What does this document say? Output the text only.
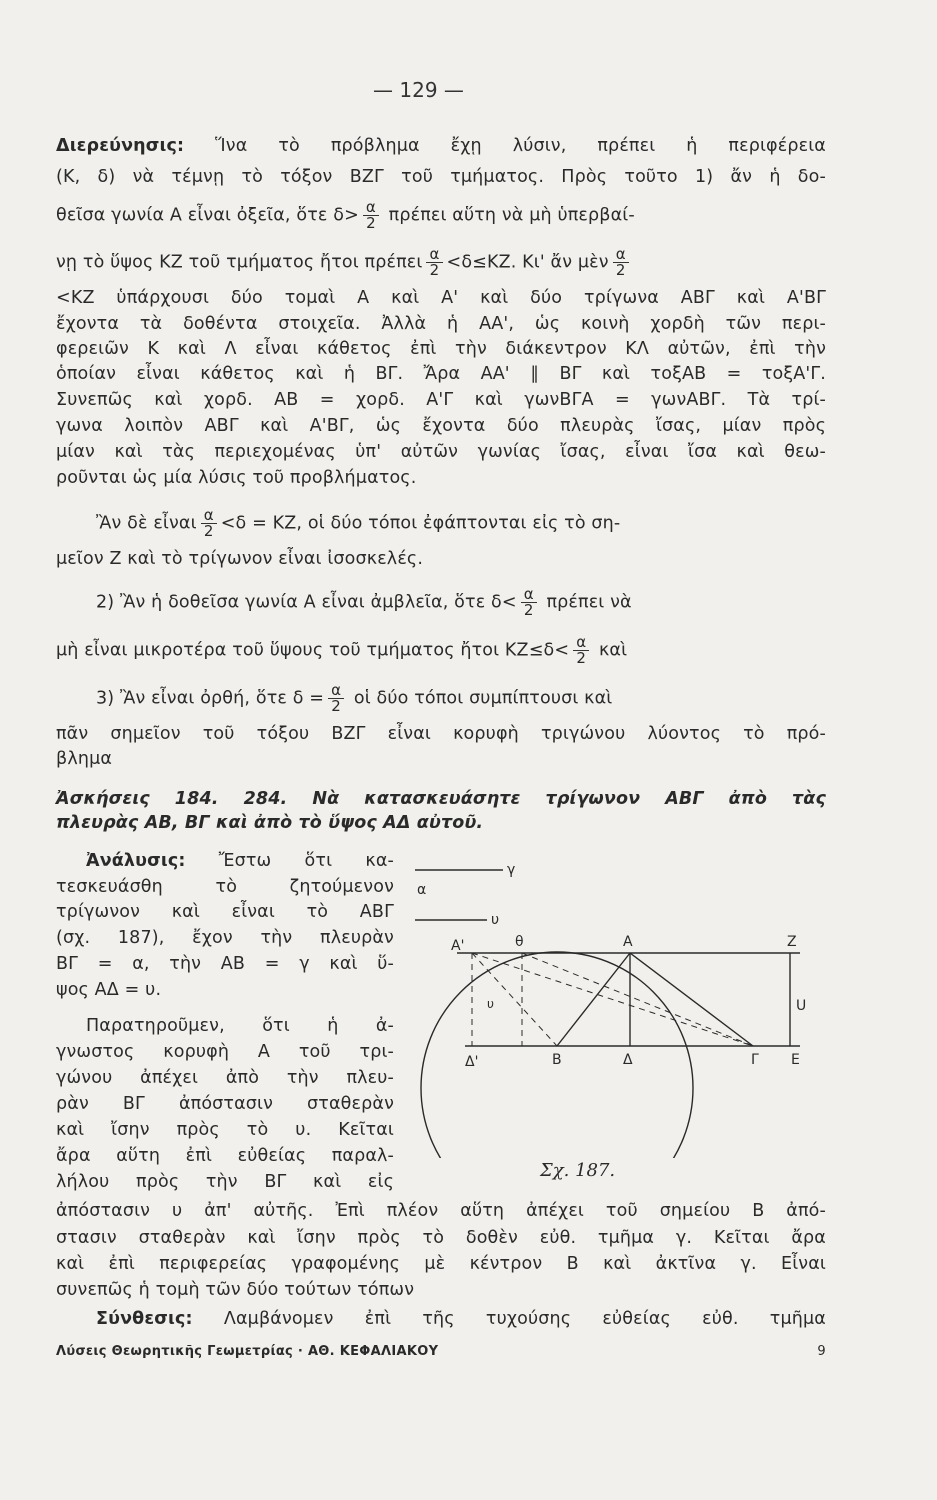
— 129 —
Διερεύνησις: Ἵνα τὸ πρόβλημα ἔχῃ λύσιν, πρέπει ἡ περιφέρεια
(Κ, δ) νὰ τέμνῃ τὸ τόξον ΒΖΓ τοῦ τμήματος. Πρὸς τοῦτο 1) ἄν ἡ δο-
θεῖσα γωνία Α εἶναι ὀξεῖα, ὅτε $\delta> \frac{\alpha}{2}$ πρέπει αὕτη νὰ μὴ ὑπερβαί-
νῃ τὸ ὕψος ΚΖ τοῦ τμήματος ἤτοι πρέπει $\frac{\alpha}{2} <\delta\le KZ$. Κι' ἄν μὲν $\frac{\alpha}{2}$
<ΚΖ ὑπάρχουσι δύο τομαὶ Α καὶ Α' καὶ δύο τρίγωνα ΑΒΓ καὶ Α'ΒΓ
ἔχοντα τὰ δοθέντα στοιχεῖα. Ἀλλὰ ἡ ΑΑ', ὡς κοινὴ χορδὴ τῶν περι-
φερειῶν Κ καὶ Λ εἶναι κάθετος ἐπὶ τὴν διάκεντρον ΚΛ αὐτῶν, ἐπὶ τὴν
ὁποίαν εἶναι κάθετος καὶ ἡ ΒΓ. Ἄρα ΑΑ' ∥ ΒΓ καὶ τοξΑΒ = τοξΑ'Γ.
Συνεπῶς καὶ χορδ. ΑΒ = χορδ. Α'Γ καὶ γωνΒΓΑ = γωνΑΒΓ. Τὰ τρί-
γωνα λοιπὸν ΑΒΓ καὶ Α'ΒΓ, ὡς ἔχοντα δύο πλευρὰς ἴσας, μίαν πρὸς
μίαν καὶ τὰς περιεχομένας ὑπ' αὐτῶν γωνίας ἴσας, εἶναι ἴσα καὶ θεω-
ροῦνται ὡς μία λύσις τοῦ προβλήματος.
Ἂν δὲ εἶναι $\frac{\alpha}{2} <\delta = KZ$, οἱ δύο τόποι ἐφάπτονται εἰς τὸ ση-
μεῖον Ζ καὶ τὸ τρίγωνον εἶναι ἰσοσκελές.
2) Ἂν ἡ δοθεῖσα γωνία Α εἶναι ἀμβλεῖα, ὅτε $\delta< \frac{\alpha}{2}$ πρέπει νὰ
μὴ εἶναι μικροτέρα τοῦ ὕψους τοῦ τμήματος ἤτοι $KZ\le\delta< \frac{\alpha}{2}$ καὶ
3) Ἂν εἶναι ὀρθή, ὅτε $\delta = \frac{\alpha}{2}$ οἱ δύο τόποι συμπίπτουσι καὶ
πᾶν σημεῖον τοῦ τόξου ΒΖΓ εἶναι κορυφὴ τριγώνου λύοντος τὸ πρό-
βλημα
Ἀσκήσεις 184. 284. Νὰ κατασκευάσητε τρίγωνον ΑΒΓ ἀπὸ τὰς
πλευρὰς ΑΒ, ΒΓ καὶ ἀπὸ τὸ ὕψος ΑΔ αὐτοῦ.
Ἀνάλυσις: Ἔστω ὅτι κα-
τεσκευάσθη τὸ ζητούμενον
τρίγωνον καὶ εἶναι τὸ ΑΒΓ
(σχ. 187), ἔχον τὴν πλευρὰν
ΒΓ = α, τὴν ΑΒ = γ καὶ ὕ-
ψος ΑΔ = υ.
Παρατηροῦμεν, ὅτι ἡ ἀ-
γνωστος κορυφὴ Α τοῦ τρι-
γώνου ἀπέχει ἀπὸ τὴν πλευ-
ρὰν ΒΓ ἀπόστασιν σταθερὰν
καὶ ἴσην πρὸς τὸ υ. Κεῖται
ἄρα αὕτη ἐπὶ εὐθείας παραλ-
λήλου πρὸς τὴν ΒΓ καὶ εἰς
ἀπόστασιν υ ἀπ' αὐτῆς. Ἐπὶ πλέον αὕτη ἀπέχει τοῦ σημείου Β ἀπό-
στασιν σταθερὰν καὶ ἴσην πρὸς τὸ δοθὲν εὐθ. τμῆμα γ. Κεῖται ἄρα
καὶ ἐπὶ περιφερείας γραφομένης μὲ κέντρον Β καὶ ἀκτῖνα γ. Εἶναι
συνεπῶς ἡ τομὴ τῶν δύο τούτων τόπων
Σύνθεσις: Λαμβάνομεν ἐπὶ τῆς τυχούσης εὐθείας εὐθ. τμῆμα
γ
α
υ
Α'	θ	Α	Ζ
U
Δ'	Β	Δ	Γ Ε
υ
Σχ. 187.
Λύσεις Θεωρητικῆς Γεωμετρίας · ΑΘ. ΚΕΦΑΛΙΑΚΟΥ	9
